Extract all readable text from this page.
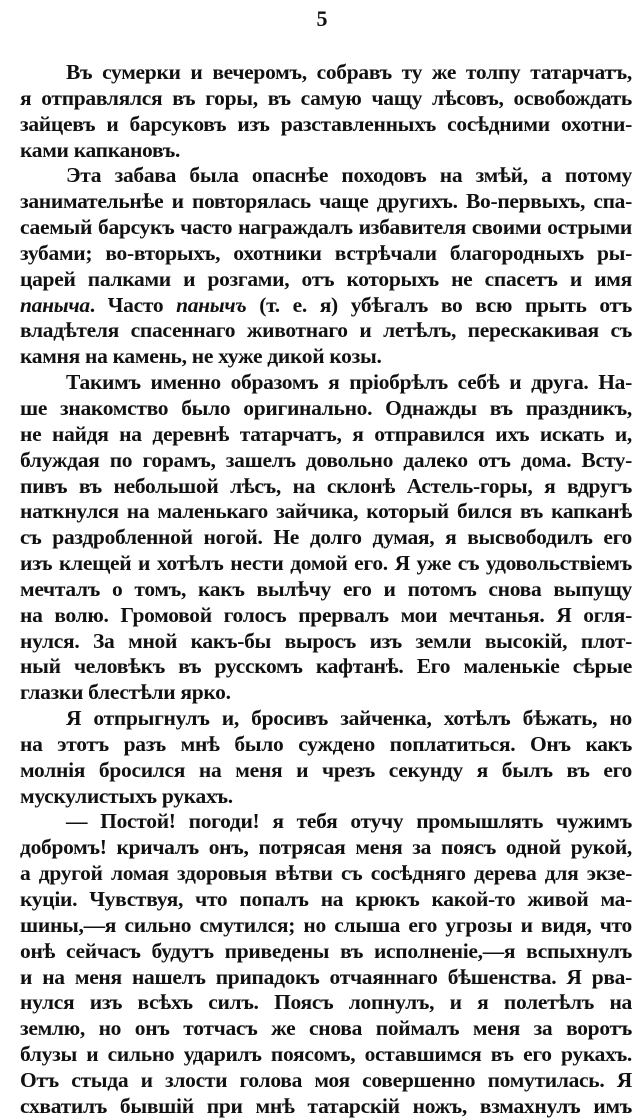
5
Въ сумерки и вечеромъ, собравъ ту же толпу татарчатъ,
я отправлялся въ горы, въ самую чащу лѣсовъ, освобождать
зайцевъ и барсуковъ изъ разставленныхъ сосѣдними охотни-
ками капкановъ.
Эта забава была опаснѣе походовъ на змѣй, а потому
занимательнѣе и повторялась чаще другихъ. Во-первыхъ, спа-
саемый барсукъ часто награждалъ избавителя своими острыми
зубами; во-вторыхъ, охотники встрѣчали благородныхъ ры-
царей палками и розгами, отъ которыхъ не спасетъ и имя
паныча. Часто панычъ (т. е. я) убѣгалъ во всю прыть отъ
владѣтеля спасеннаго животнаго и летѣлъ, перескакивая съ
камня на камень, не хуже дикой козы.
Такимъ именно образомъ я пріобрѣлъ себѣ и друга. На-
ше знакомство было оригинально. Однажды въ праздникъ,
не найдя на деревнѣ татарчатъ, я отправился ихъ искать и,
блуждая по горамъ, зашелъ довольно далеко отъ дома. Всту-
пивъ въ небольшой лѣсъ, на склонѣ Астель-горы, я вдругъ
наткнулся на маленькаго зайчика, который бился въ капканѣ
съ раздробленной ногой. Не долго думая, я высвободилъ его
изъ клещей и хотѣлъ нести домой его. Я уже съ удовольствіемъ
мечталъ о томъ, какъ вылѣчу его и потомъ снова выпущу
на волю. Громовой голосъ прервалъ мои мечтанья. Я огля-
нулся. За мной какъ-бы выросъ изъ земли высокій, плот-
ный человѣкъ въ русскомъ кафтанѣ. Его маленькіе сѣрые
глазки блестѣли ярко.
Я отпрыгнулъ и, бросивъ зайченка, хотѣлъ бѣжать, но
на этотъ разъ мнѣ было суждено поплатиться. Онъ какъ
молнія бросился на меня и чрезъ секунду я былъ въ его
мускулистыхъ рукахъ.
— Постой! погоди! я тебя отучу промышлять чужимъ
добромъ! кричалъ онъ, потрясая меня за поясъ одной рукой,
а другой ломая здоровыя вѣтви съ сосѣдняго дерева для экзе-
куціи. Чувствуя, что попалъ на крюкъ какой-то живой ма-
шины,—я сильно смутился; но слыша его угрозы и видя, что
онѣ сейчасъ будутъ приведены въ исполненіе,—я вспыхнулъ
и на меня нашелъ припадокъ отчаяннаго бѣшенства. Я рва-
нулся изъ всѣхъ силъ. Поясъ лопнулъ, и я полетѣлъ на
землю, но онъ тотчасъ же снова поймалъ меня за воротъ
блузы и сильно ударилъ поясомъ, оставшимся въ его рукахъ.
Отъ стыда и злости голова моя совершенно помутилась. Я
схватилъ бывшій при мнѣ татарскій ножъ, взмахнулъ имъ
